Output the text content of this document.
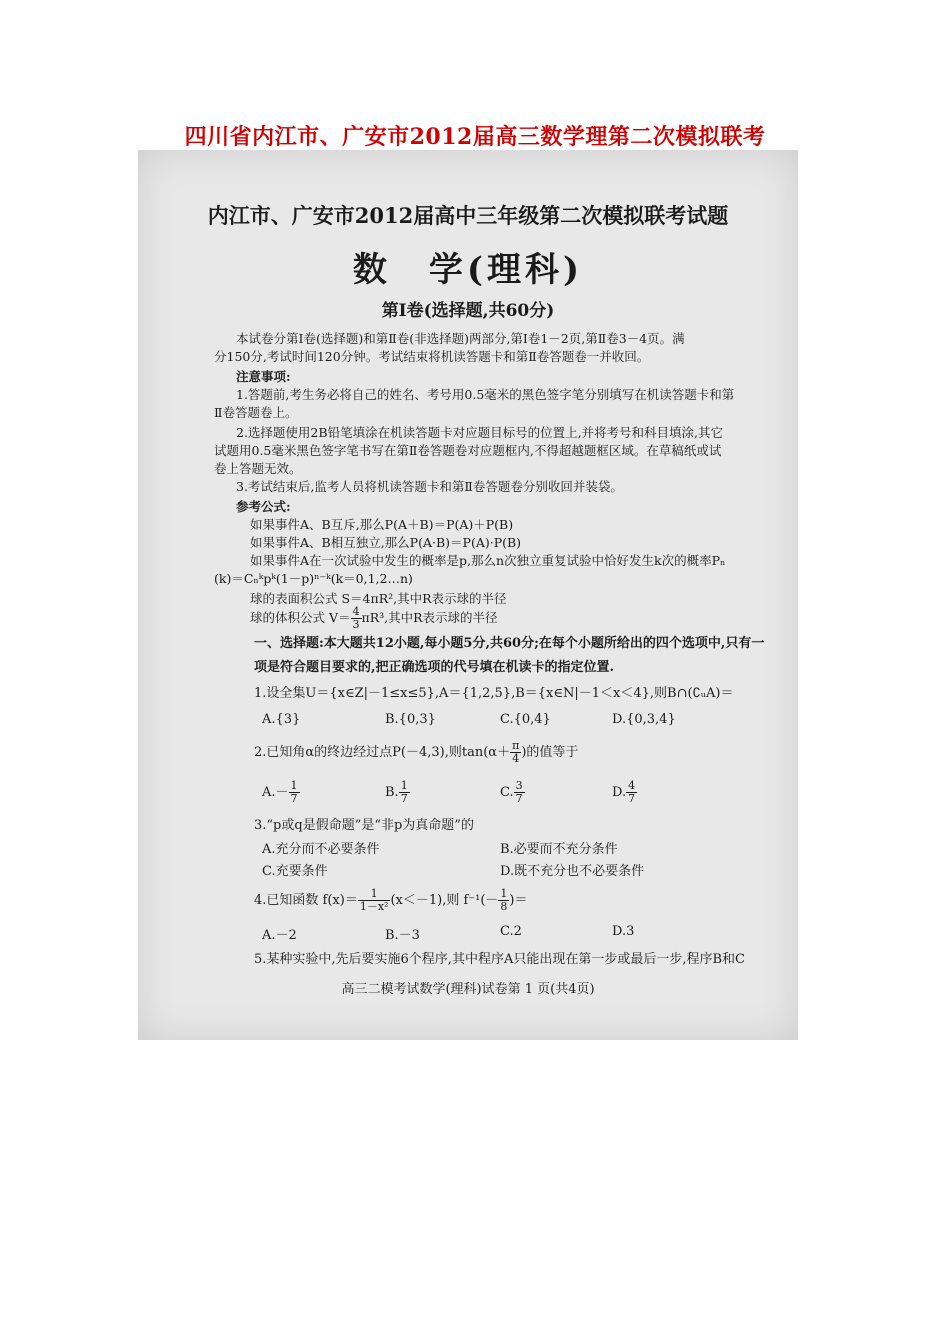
四川省内江市、广安市2012届高三数学理第二次模拟联考
内江市、广安市2012届高中三年级第二次模拟联考试题
数　学(理科)
第Ⅰ卷(选择题,共60分)
本试卷分第Ⅰ卷(选择题)和第Ⅱ卷(非选择题)两部分,第Ⅰ卷1－2页,第Ⅱ卷3－4页。满
分150分,考试时间120分钟。考试结束将机读答题卡和第Ⅱ卷答题卷一并收回。
注意事项:
1.答题前,考生务必将自己的姓名、考号用0.5毫米的黑色签字笔分别填写在机读答题卡和第
Ⅱ卷答题卷上。
2.选择题使用2B铅笔填涂在机读答题卡对应题目标号的位置上,并将考号和科目填涂,其它
试题用0.5毫米黑色签字笔书写在第Ⅱ卷答题卷对应题框内,不得超越题框区域。在草稿纸或试
卷上答题无效。
3.考试结束后,监考人员将机读答题卡和第Ⅱ卷答题卷分别收回并装袋。
参考公式:
如果事件A、B互斥,那么P(A＋B)＝P(A)＋P(B)
如果事件A、B相互独立,那么P(A·B)＝P(A)·P(B)
如果事件A在一次试验中发生的概率是p,那么n次独立重复试验中恰好发生k次的概率Pₙ
(k)＝Cₙᵏpᵏ(1－p)ⁿ⁻ᵏ(k＝0,1,2…n)
球的表面积公式 S＝4πR²,其中R表示球的半径
球的体积公式 $V= \frac{4}{3} \pi R^3$,其中R表示球的半径
一、选择题:本大题共12小题,每小题5分,共60分;在每个小题所给出的四个选项中,只有一
项是符合题目要求的,把正确选项的代号填在机读卡的指定位置.
1.设全集U＝{x∈Z|－1≤x≤5},A＝{1,2,5},B＝{x∈N|－1＜x＜4},则B∩(∁ᵤA)＝
A.{3}	B.{0,3}	C.{0,4}	D.{0,3,4}
2.已知角α的终边经过点P(－4,3),则$\tan(\alpha+ \frac{\pi}{4}$ )的值等于
$A.- \frac{1}{7}$	B. $\frac{1}{7}$	C. $\frac{3}{7}$	D. $\frac{4}{7}$
3.“p或q是假命题”是“非p为真命题”的
A.充分而不必要条件	B.必要而不充分条件
C.充要条件	D.既不充分也不必要条件
4.已知函数 $f(x)= \frac{1}{\text{1－x²}} (x<-1)$,则 $f^{-1}(- \frac{1}{8}$ )＝
A.－2	B.－3	C.2	D.3
5.某种实验中,先后要实施6个程序,其中程序A只能出现在第一步或最后一步,程序B和C
高三二模考试数学(理科)试卷第 1 页(共4页)
